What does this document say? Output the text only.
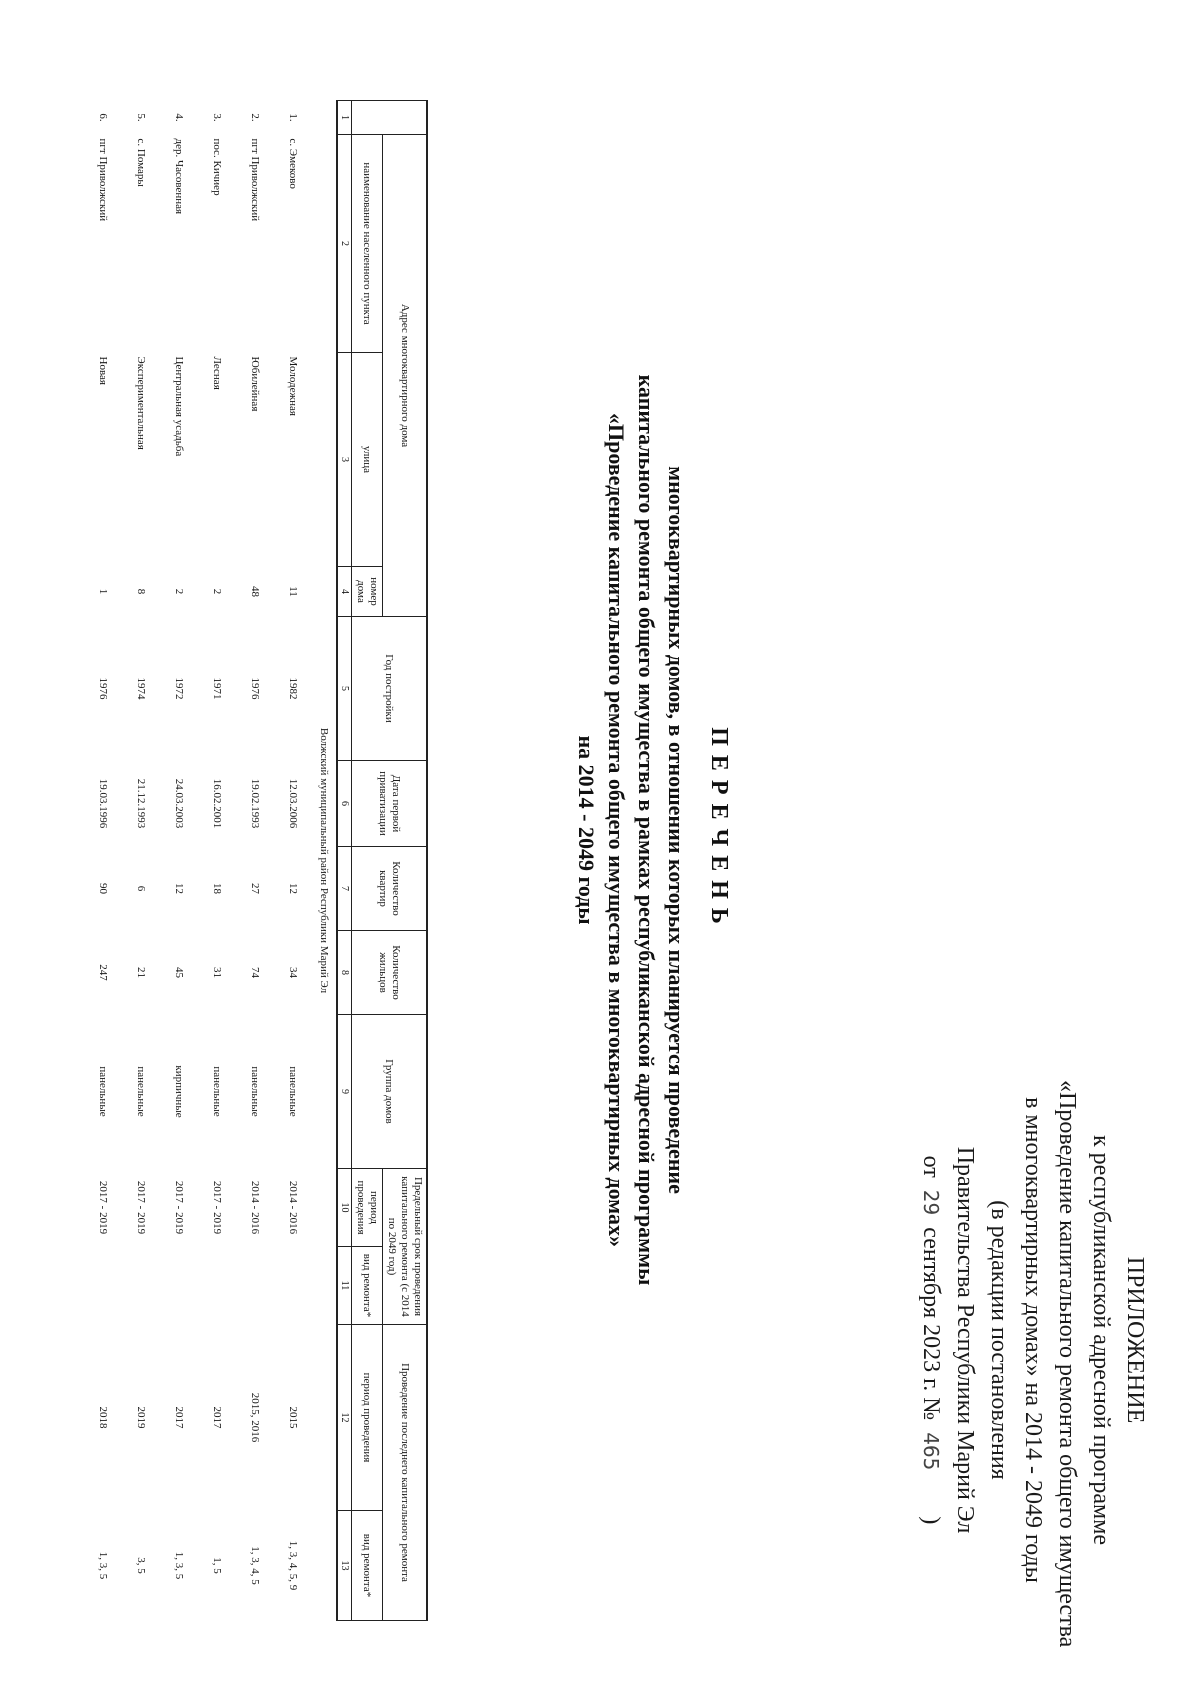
ПРИЛОЖЕНИЕ
к республиканской адресной программе
«Проведение капитального ремонта общего имущества
в многоквартирных домах» на 2014 - 2049 годы
(в редакции постановления
Правительства Республики Марий Эл
от 29 сентября 2023 г. № 465)
ПЕРЕЧЕНЬ
многоквартирных домов, в отношении которых планируется проведение
капитального ремонта общего имущества в рамках республиканской адресной программы
«Проведение капитального ремонта общего имущества в многоквартирных домах»
на 2014 - 2049 годы
	Адрес многоквартирного дома			Год постройки	Дата первой приватизации	Количество квартир	Количество жильцов	Группа домов	Предельный срок проведения капитального ремонта (с 2014 по 2049 год)		Проведение последнего капитального ремонта	
	наименование населенного пункта	улица	номер дома						период проведения	вид ремонта*	период проведения	вид ремонта*
1	2	3	4	5	6	7	8	9	10	11	12	13
Волжский муниципальный район Республики Марий Эл												
1.	с. Эмеково	Молодежная	11	1982	12.03.2006	12	34	панельные	2014 - 2016		2015	1, 3, 4, 5, 9
2.	пгт Приволжский	Юбилейная	48	1976	19.02.1993	27	74	панельные	2014 - 2016		2015, 2016	1, 3, 4, 5
3.	пос. Кичиер	Лесная	2	1971	16.02.2001	18	31	панельные	2017 - 2019		2017	1, 5
4.	дер. Часовенная	Центральная усадьба	2	1972	24.03.2003	12	45	кирпичные	2017 - 2019		2017	1, 3, 5
5.	с. Помары	Экспериментальная	8	1974	21.12.1993	6	21	панельные	2017 - 2019		2019	3, 5
6.	пгт Приволжский	Новая	1	1976	19.03.1996	90	247	панельные	2017 - 2019		2018	1, 3, 5
